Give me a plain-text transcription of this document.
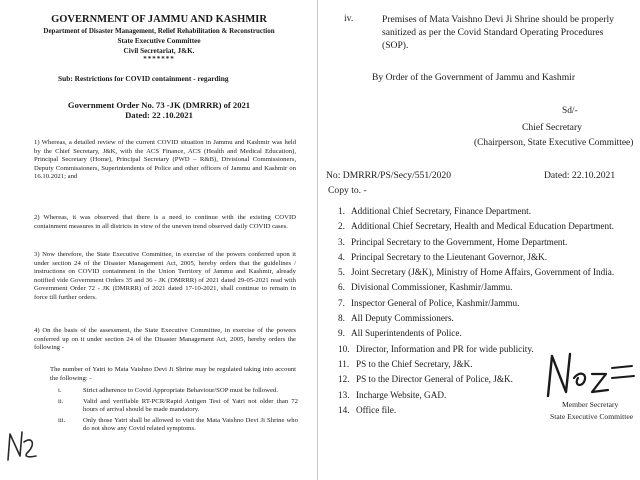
GOVERNMENT OF JAMMU AND KASHMIR
Department of Disaster Management, Relief Rehabilitation & Reconstruction
State Executive Committee
Civil Secretariat, J&K.
*******
Sub: Restrictions for COVID containment - regarding
Government Order No. 73 -JK (DMRRR) of 2021
Dated: 22 .10.2021
1) Whereas, a detailed review of the current COVID situation in Jammu and Kashmir was held by the Chief Secretary, J&K, with the ACS Finance, ACS (Health and Medical Education), Principal Secretary (Home), Principal Secretary (PWD – R&B), Divisional Commissioners, Deputy Commissioners, Superintendents of Police and other officers of Jammu and Kashmir on 16.10.2021; and
2) Whereas, it was observed that there is a need to continue with the existing COVID containment measures in all districts in view of the uneven trend observed daily COVID cases.
3) Now therefore, the State Executive Committee, in exercise of the powers conferred upon it under section 24 of the Disaster Management Act, 2005, hereby orders that the guidelines / instructions on COVID containment in the Union Territory of Jammu and Kashmir, already notified vide Government Orders 35 and 36 - JK (DMRRR) of 2021 dated 29-05-2021 read with Government Order 72 - JK (DMRRR) of 2021 dated 17-10-2021, shall continue to remain in force till further orders.
4) On the basis of the assessment, the State Executive Committee, in exercise of the powers conferred up on it under section 24 of the Disaster Management Act, 2005, hereby orders the following -
The number of Yatri to Mata Vaishno Devi Ji Shrine may be regulated taking into account the following: -
i.	Strict adherence to Covid Appropriate Behaviour/SOP must be followed.
ii.	Valid and verifiable RT-PCR/Rapid Antigen Test of Yatri not older than 72 hours of arrival should be made mandatory.
iii.	Only those Yatri shall be allowed to visit the Mata Vaishno Devi Ji Shrine who do not show any Covid related symptoms.
iv.	Premises of Mata Vaishno Devi Ji Shrine should be properly sanitized as per the Covid Standard Operating Procedures (SOP).
By Order of the Government of Jammu and Kashmir
Sd/-
Chief Secretary
(Chairperson, State Executive Committee)
No: DMRRR/PS/Secy/551/2020	Dated: 22.10.2021
Copy to. -
1. Additional Chief Secretary, Finance Department.
2. Additional Chief Secretary, Health and Medical Education Department.
3. Principal Secretary to the Government, Home Department.
4. Principal Secretary to the Lieutenant Governor, J&K.
5. Joint Secretary (J&K), Ministry of Home Affairs, Government of India.
6. Divisional Commissioner, Kashmir/Jammu.
7. Inspector General of Police, Kashmir/Jammu.
8. All Deputy Commissioners.
9. All Superintendents of Police.
10. Director, Information and PR for wide publicity.
11. PS to the Chief Secretary, J&K.
12. PS to the Director General of Police, J&K.
13. Incharge Website, GAD.
14. Office file.
Member Secretary
State Executive Committee
